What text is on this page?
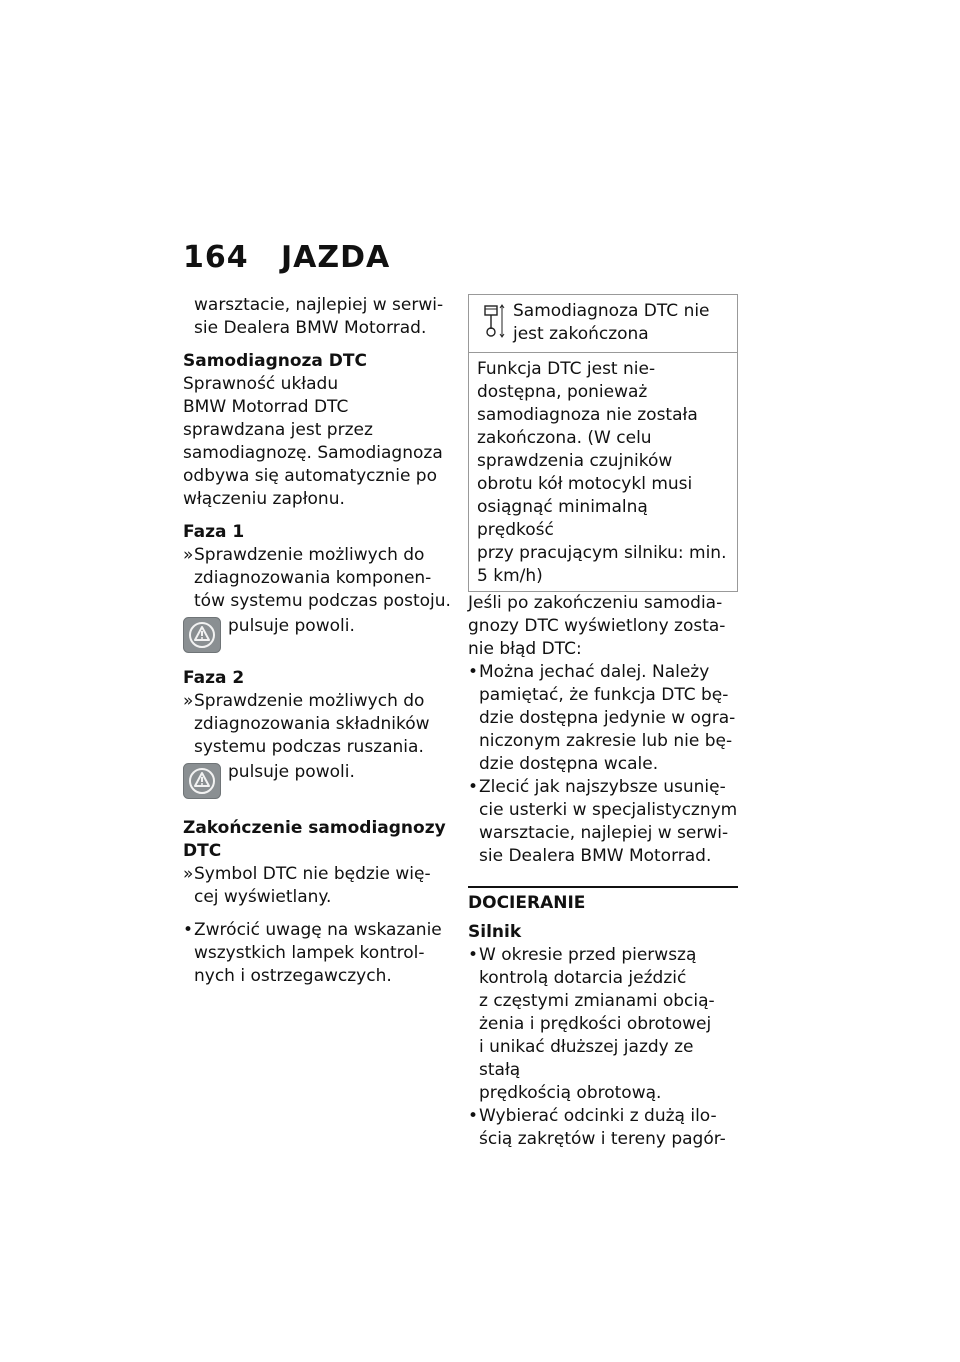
164 JAZDA

warsztacie, najlepiej w serwi-

sie Dealera BMW Motorrad.

Samodiagnoza DTC

Sprawność układu

BMW Motorrad DTC

sprawdzana jest przez

samodiagnozę. Samodiagnoza

odbywa się automatycznie po

włączeniu zapłonu.

Faza 1

» Sprawdzenie możliwych do

zdiagnozowania komponen-

tów systemu podczas postoju.

pulsuje powoli.

Faza 2

» Sprawdzenie możliwych do

zdiagnozowania składników

systemu podczas ruszania.

pulsuje powoli.

Zakończenie samodiagnozy

DTC

» Symbol DTC nie będzie wię-

cej wyświetlany.

• Zwrócić uwagę na wskazanie

wszystkich lampek kontrol-

nych i ostrzegawczych.

Samodiagnoza DTC nie

jest zakończona

Funkcja DTC jest nie-

dostępna, ponieważ

samodiagnoza nie została

zakończona. (W celu

sprawdzenia czujników

obrotu kół motocykl musi

osiągnąć minimalną prędkość

przy pracującym silniku: min.

5 km/h)

Jeśli po zakończeniu samodia-

gnozy DTC wyświetlony zosta-

nie błąd DTC:

• Można jechać dalej. Należy

pamiętać, że funkcja DTC bę-

dzie dostępna jedynie w ogra-

niczonym zakresie lub nie bę-

dzie dostępna wcale.

• Zlecić jak najszybsze usunię-

cie usterki w specjalistycznym

warsztacie, najlepiej w serwi-

sie Dealera BMW Motorrad.

DOCIERANIE

Silnik

• W okresie przed pierwszą

kontrolą dotarcia jeździć

z częstymi zmianami obcią-

żenia i prędkości obrotowej

i unikać dłuższej jazdy ze stałą

prędkością obrotową.

• Wybierać odcinki z dużą ilo-

ścią zakrętów i tereny pagór-
